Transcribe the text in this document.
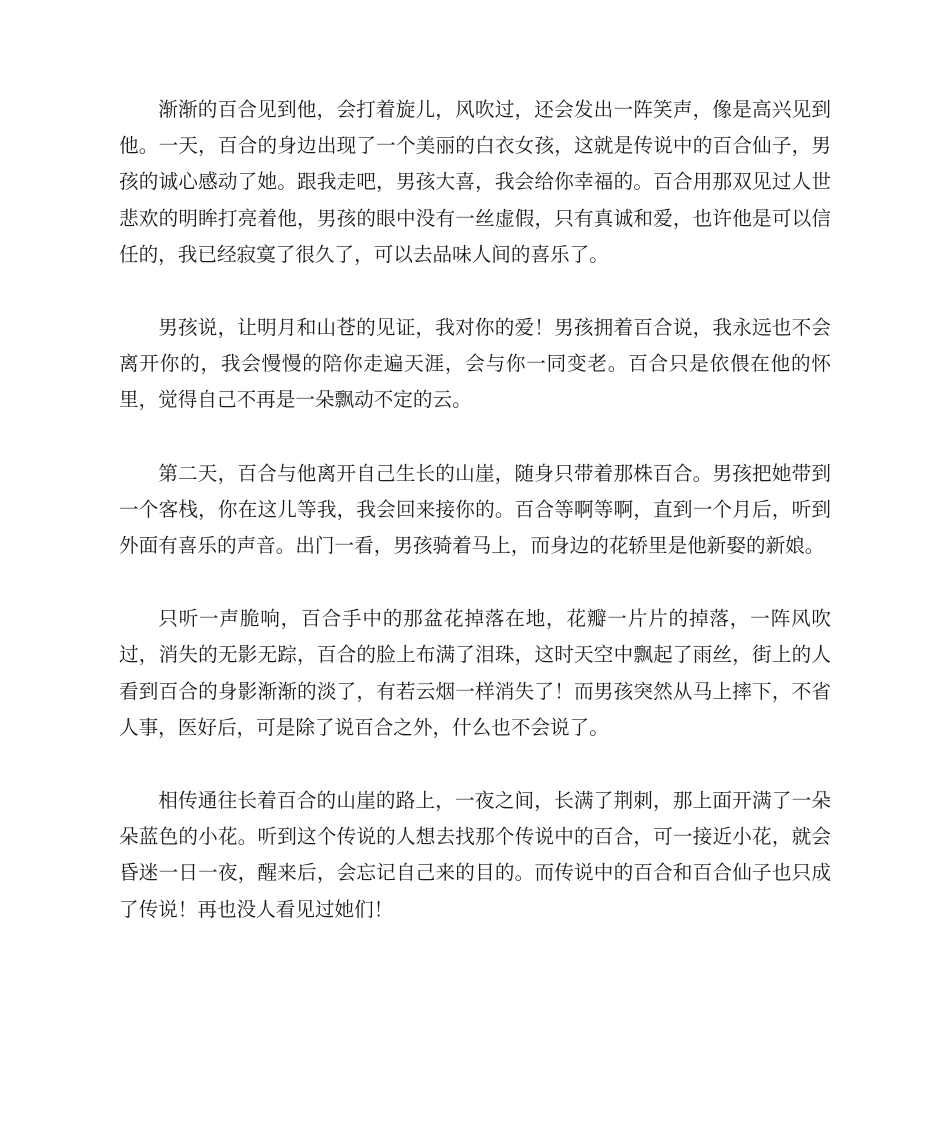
渐渐的百合见到他，会打着旋儿，风吹过，还会发出一阵笑声，像是高兴见到他。一天，百合的身边出现了一个美丽的白衣女孩，这就是传说中的百合仙子，男孩的诚心感动了她。跟我走吧，男孩大喜，我会给你幸福的。百合用那双见过人世悲欢的明眸打亮着他，男孩的眼中没有一丝虚假，只有真诚和爱，也许他是可以信任的，我已经寂寞了很久了，可以去品味人间的喜乐了。

男孩说，让明月和山苍的见证，我对你的爱！男孩拥着百合说，我永远也不会离开你的，我会慢慢的陪你走遍天涯，会与你一同变老。百合只是依偎在他的怀里，觉得自己不再是一朵飘动不定的云。

第二天，百合与他离开自己生长的山崖，随身只带着那株百合。男孩把她带到一个客栈，你在这儿等我，我会回来接你的。百合等啊等啊，直到一个月后，听到外面有喜乐的声音。出门一看，男孩骑着马上，而身边的花轿里是他新娶的新娘。

只听一声脆响，百合手中的那盆花掉落在地，花瓣一片片的掉落，一阵风吹过，消失的无影无踪，百合的脸上布满了泪珠，这时天空中飘起了雨丝，街上的人看到百合的身影渐渐的淡了，有若云烟一样消失了！而男孩突然从马上摔下，不省人事，医好后，可是除了说百合之外，什么也不会说了。

相传通往长着百合的山崖的路上，一夜之间，长满了荆刺，那上面开满了一朵朵蓝色的小花。听到这个传说的人想去找那个传说中的百合，可一接近小花，就会昏迷一日一夜，醒来后，会忘记自己来的目的。而传说中的百合和百合仙子也只成了传说！再也没人看见过她们！
